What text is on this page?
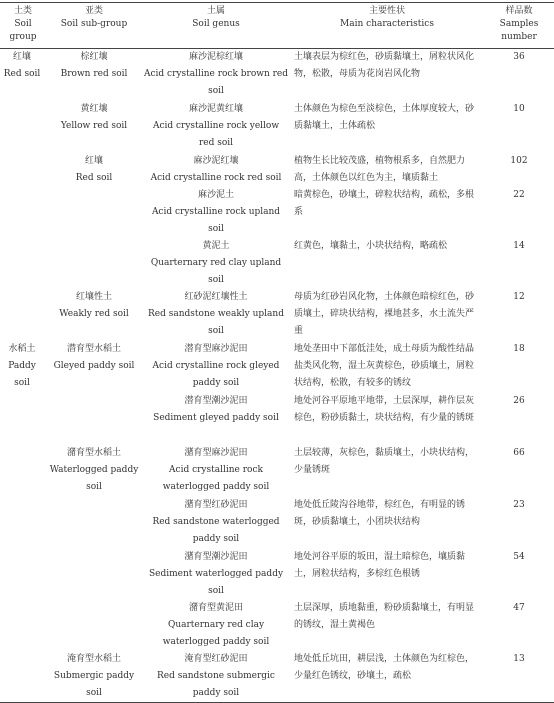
土类
Soil group	亚类
Soil sub-group	土属
Soil genus	主要性状
Main characteristics	样品数
Samples number

红壤
Red soil	棕红壤
Brown red soil	麻沙泥棕红壤
Acid crystalline rock brown red soil	土壤表层为棕红色，砂质黏壤土，屑粒状风化物，松散，母质为花岗岩风化物	36

	黄红壤
Yellow red soil	麻沙泥黄红壤
Acid crystalline rock yellow red soil	土体颜色为棕色至淡棕色，土体厚度较大，砂质黏壤土，土体疏松	10

	红壤
Red soil	麻沙泥红壤
Acid crystalline rock red soil	植物生长比较茂盛，植物根系多，自然肥力高，土体颜色以红色为主，壤质黏土	102

		麻沙泥土
Acid crystalline rock upland soil	暗黄棕色，砂壤土，碎粒状结构，疏松，多根系	22

		黄泥土
Quarternary red clay upland soil	红黄色，壤黏土，小块状结构，略疏松	14

	红壤性土
Weakly red soil	红砂泥红壤性土
Red sandstone weakly upland soil	母质为红砂岩风化物，土体颜色暗棕红色，砂质壤土，碎块状结构，裸地甚多，水土流失严重	12

水稻土
Paddy soil	潜育型水稻土
Gleyed paddy soil	潜育型麻沙泥田
Acid crystalline rock gleyed paddy soil	地处垄田中下部低洼处，成土母质为酸性结晶盐类风化物，湿土灰黄棕色，砂质壤土，屑粒状结构，松散，有较多的锈纹	18

		潜育型潮沙泥田
Sediment gleyed paddy soil	地处河谷平原地平地带，土层深厚，耕作层灰棕色，粉砂质黏土，块状结构，有少量的锈斑	26

	潴育型水稻土
Waterlogged paddy soil	潴育型麻沙泥田
Acid crystalline rock waterlogged paddy soil	土层较薄，灰棕色，黏质壤土，小块状结构，少量锈斑	66

		潴育型红砂泥田
Red sandstone waterlogged paddy soil	地处低丘陵沟谷地带，棕红色，有明显的锈斑，砂质黏壤土，小团块状结构	23

		潴育型潮沙泥田
Sediment waterlogged paddy soil	地处河谷平原的坂田，湿土暗棕色，壤质黏土，屑粒状结构，多棕红色根锈	54

		潴育型黄泥田
Quarternary red clay waterlogged paddy soil	土层深厚，质地黏重，粉砂质黏壤土，有明显的锈纹，湿土黄褐色	47

	淹育型水稻土
Submergic paddy soil	淹育型红砂泥田
Red sandstone submergic paddy soil	地处低丘坑田，耕层浅，土体颜色为红棕色，少量红色锈纹，砂壤土，疏松	13
